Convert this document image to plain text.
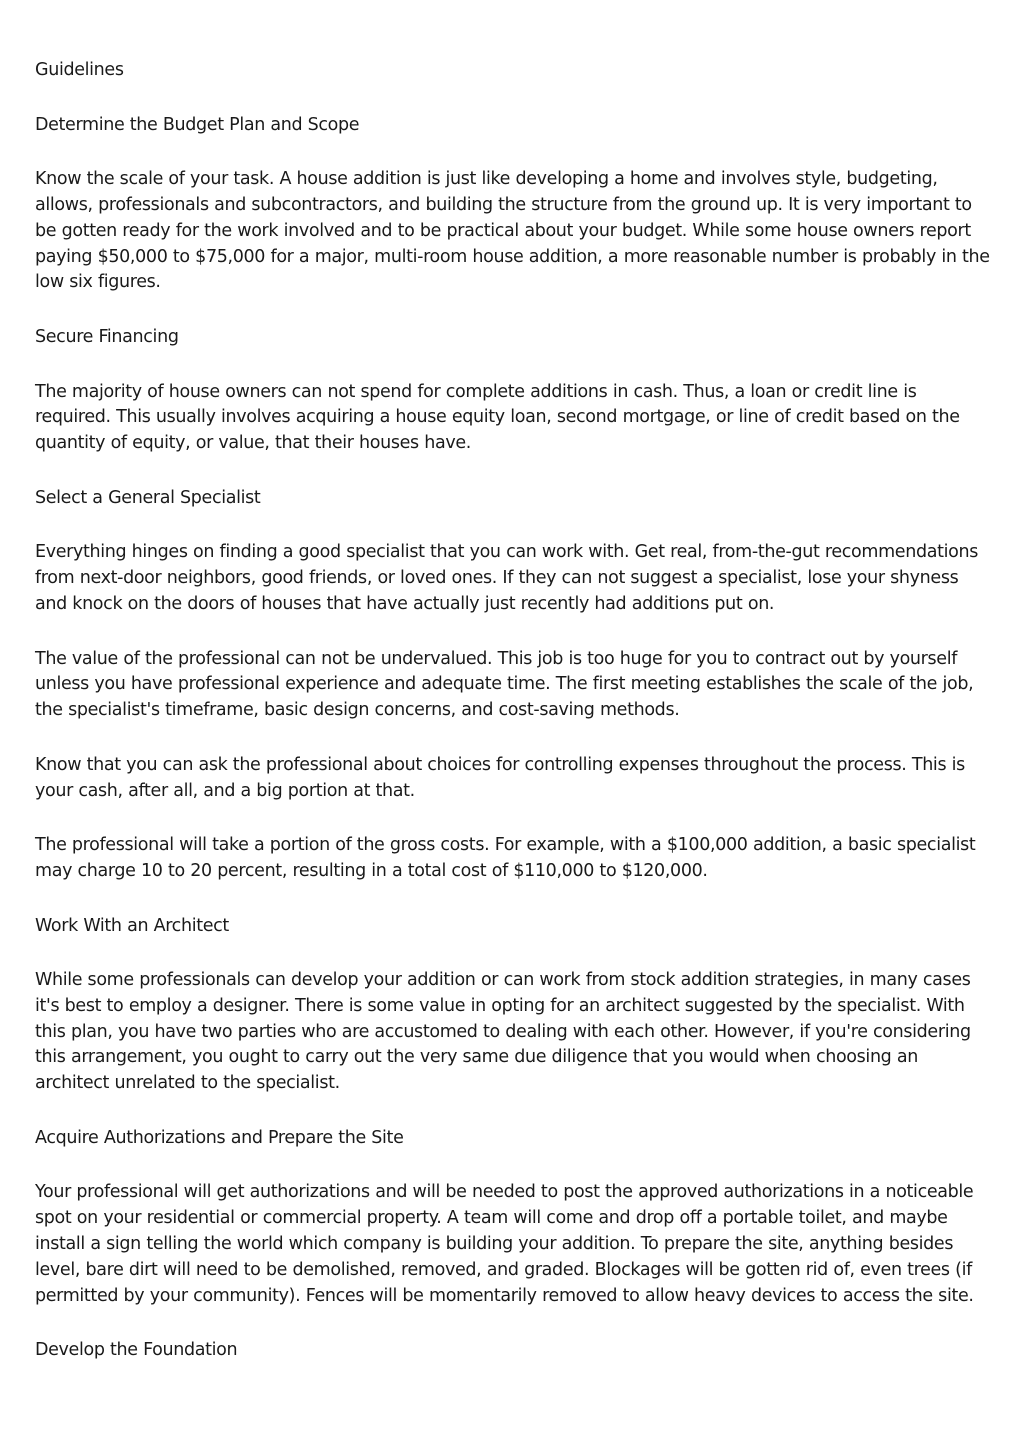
Guidelines

Determine the Budget Plan and Scope

Know the scale of your task. A house addition is just like developing a home and involves style, budgeting, allows, professionals and subcontractors, and building the structure from the ground up. It is very important to be gotten ready for the work involved and to be practical about your budget. While some house owners report paying $50,000 to $75,000 for a major, multi-room house addition, a more reasonable number is probably in the low six figures.

Secure Financing

The majority of house owners can not spend for complete additions in cash. Thus, a loan or credit line is required. This usually involves acquiring a house equity loan, second mortgage, or line of credit based on the quantity of equity, or value, that their houses have.

Select a General Specialist

Everything hinges on finding a good specialist that you can work with. Get real, from-the-gut recommendations from next-door neighbors, good friends, or loved ones. If they can not suggest a specialist, lose your shyness and knock on the doors of houses that have actually just recently had additions put on.

The value of the professional can not be undervalued. This job is too huge for you to contract out by yourself unless you have professional experience and adequate time. The first meeting establishes the scale of the job, the specialist's timeframe, basic design concerns, and cost-saving methods.

Know that you can ask the professional about choices for controlling expenses throughout the process. This is your cash, after all, and a big portion at that.

The professional will take a portion of the gross costs. For example, with a $100,000 addition, a basic specialist may charge 10 to 20 percent, resulting in a total cost of $110,000 to $120,000.

Work With an Architect

While some professionals can develop your addition or can work from stock addition strategies, in many cases it's best to employ a designer. There is some value in opting for an architect suggested by the specialist. With this plan, you have two parties who are accustomed to dealing with each other. However, if you're considering this arrangement, you ought to carry out the very same due diligence that you would when choosing an architect unrelated to the specialist.

Acquire Authorizations and Prepare the Site

Your professional will get authorizations and will be needed to post the approved authorizations in a noticeable spot on your residential or commercial property. A team will come and drop off a portable toilet, and maybe install a sign telling the world which company is building your addition. To prepare the site, anything besides level, bare dirt will need to be demolished, removed, and graded. Blockages will be gotten rid of, even trees (if permitted by your community). Fences will be momentarily removed to allow heavy devices to access the site.

Develop the Foundation
